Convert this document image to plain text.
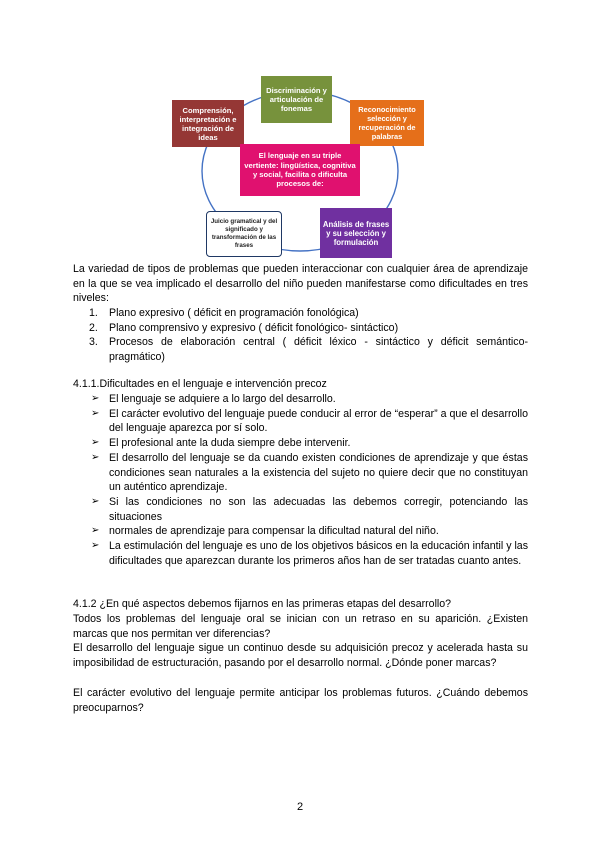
Discriminación y articulación de fonemas	Reconocimiento selección y recuperación de palabras
Comprensión, interpretación e integración de ideas
El lenguaje en su triple vertiente: lingüística, cognitiva y social, facilita o dificulta procesos de:
Análisis de frases y su selección y formulación
Juicio gramatical y del significado y transformación de las frases
La variedad de tipos de problemas que pueden interaccionar con cualquier área de aprendizaje en la que se vea implicado el desarrollo del niño pueden manifestarse como dificultades en tres niveles:
1. Plano expresivo ( déficit en programación fonológica)
2. Plano comprensivo y expresivo ( déficit fonológico- sintáctico)
3. Procesos de elaboración central ( déficit léxico - sintáctico y déficit semántico-pragmático)
4.1.1.Dificultades en el lenguaje e intervención precoz
➢ El lenguaje se adquiere a lo largo del desarrollo.
➢ El carácter evolutivo del lenguaje puede conducir al error de “esperar” a que el desarrollo del lenguaje aparezca por sí solo.
➢ El profesional ante la duda siempre debe intervenir.
➢ El desarrollo del lenguaje se da cuando existen condiciones de aprendizaje y que éstas condiciones sean naturales a la existencia del sujeto no quiere decir que no constituyan un auténtico aprendizaje.
➢ Si las condiciones no son las adecuadas las debemos corregir, potenciando las situaciones
➢ normales de aprendizaje para compensar la dificultad natural del niño.
➢ La estimulación del lenguaje es uno de los objetivos básicos en la educación infantil y las dificultades que aparezcan durante los primeros años han de ser tratadas cuanto antes.
4.1.2 ¿En qué aspectos debemos fijarnos en las primeras etapas del desarrollo?
Todos los problemas del lenguaje oral se inician con un retraso en su aparición. ¿Existen marcas que nos permitan ver diferencias?
El desarrollo del lenguaje sigue un continuo desde su adquisición precoz y acelerada hasta su imposibilidad de estructuración, pasando por el desarrollo normal. ¿Dónde poner marcas?
El carácter evolutivo del lenguaje permite anticipar los problemas futuros. ¿Cuándo debemos preocuparnos?
2
